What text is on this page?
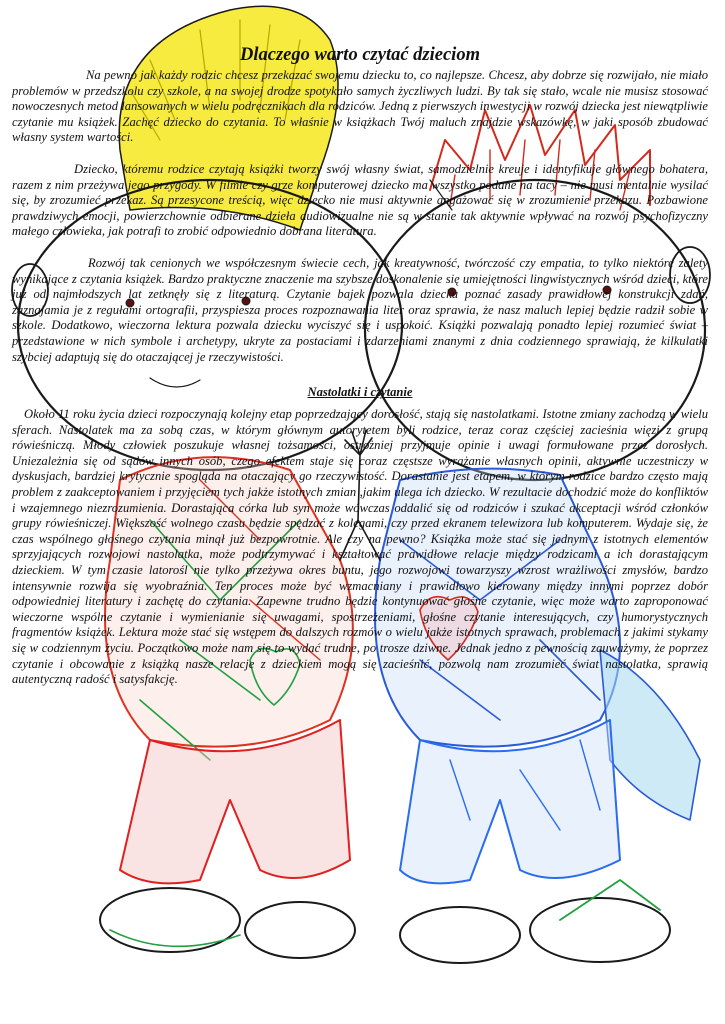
Dlaczego warto czytać dzieciom

Na pewno jak każdy rodzic chcesz przekazać swojemu dziecku to, co najlepsze. Chcesz, aby dobrze się rozwijało, nie miało problemów w przedszkolu czy szkole, a na swojej drodze spotykało samych życzliwych ludzi. By tak się stało, wcale nie musisz stosować nowoczesnych metod lansowanych w wielu podręcznikach dla rodziców. Jedną z pierwszych inwestycji w rozwój dziecka jest niewątpliwie czytanie mu książek. Zachęć dziecko do czytania. To właśnie w książkach Twój maluch znajdzie wskazówkę, w jaki sposób zbudować własny system wartości.

Dziecko, któremu rodzice czytają książki tworzy swój własny świat, samodzielnie kreuje i identyfikuje głównego bohatera, razem z nim przeżywa jego przygody. W filmie czy grze komputerowej dziecko ma wszystko podane na tacy – nie musi mentalnie wysilać się, by zrozumieć przekaz. Są przesycone treścią, więc dziecko nie musi aktywnie angażować się w zrozumienie przekazu. Pozbawione prawdziwych emocji, powierzchownie odbierane dzieła audiowizualne nie są w stanie tak aktywnie wpływać na rozwój psychofizyczny małego człowieka, jak potrafi to zrobić odpowiednio dobrana literatura.

Rozwój tak cenionych we współczesnym świecie cech, jak kreatywność, twórczość czy empatia, to tylko niektóre zalety wynikające z czytania książek. Bardzo praktyczne znaczenie ma szybsze doskonalenie się umiejętności lingwistycznych wśród dzieci, które już od najmłodszych lat zetknęły się z literaturą. Czytanie bajek pozwala dziecku poznać zasady prawidłowej konstrukcji zdań, zaznajamia je z regułami ortografii, przyspiesza proces rozpoznawania liter oraz sprawia, że nasz maluch lepiej będzie radził sobie w szkole. Dodatkowo, wieczorna lektura pozwala dziecku wyciszyć się i uspokoić. Książki pozwalają ponadto lepiej rozumieć świat – przedstawione w nich symbole i archetypy, ukryte za postaciami i zdarzeniami znanymi z dnia codziennego sprawiają, że kilkulatki szybciej adaptują się do otaczającej je rzeczywistości.

Nastolatki i czytanie

Około 11 roku życia dzieci rozpoczynają kolejny etap poprzedzający dorosłość, stają się nastolatkami. Istotne zmiany zachodzą w wielu sferach. Nastolatek ma za sobą czas, w którym głównym autorytetem byli rodzice, teraz coraz częściej zacieśnia więzi z grupą rówieśniczą. Młody człowiek poszukuje własnej tożsamości, ostrożniej przyjmuje opinie i uwagi formułowane przez dorosłych. Uniezależnia się od sądów innych osób, czego efektem staje się coraz częstsze wyrażanie własnych opinii, aktywnie uczestniczy w dyskusjach, bardziej krytycznie spogląda na otaczający go rzeczywistość. Dorastanie jest etapem, w którym rodzice bardzo często mają problem z zaakceptowaniem i przyjęciem tych jakże istotnych zmian ,jakim ulega ich dziecko. W rezultacie dochodzić może do konfliktów i wzajemnego niezrozumienia. Dorastająca córka lub syn może wówczas oddalić się od rodziców i szukać akceptacji wśród członków grupy rówieśniczej. Większość wolnego czasu będzie spędzać z kolegami, czy przed ekranem telewizora lub komputerem. Wydaje się, że czas wspólnego głośnego czytania minął już bezpowrotnie. Ale czy na pewno? Książka może stać się jednym z istotnych elementów sprzyjających rozwojowi nastolatka, może podtrzymywać i kształtować prawidłowe relacje między rodzicami a ich dorastającym dzieckiem. W tym czasie latorośl nie tylko przeżywa okres buntu, jego rozwojowi towarzyszy wzrost wrażliwości zmysłów, bardzo intensywnie rozwija się wyobraźnia. Ten proces może być wzmacniany i prawidłowo kierowany między innymi poprzez dobór odpowiedniej literatury i zachętę do czytania. Zapewne trudno będzie kontynuować głośne czytanie, więc może warto zaproponować wieczorne wspólne czytanie i wymienianie się uwagami, spostrzeżeniami, głośne czytanie interesujących, czy humorystycznych fragmentów książek. Lektura może stać się wstępem do dalszych rozmów o wielu jakże istotnych sprawach, problemach z jakimi stykamy się w codziennym życiu. Początkowo może nam się to wydać trudne, po trosze dziwne. Jednak jedno z pewnością zauważymy, że poprzez czytanie i obcowanie z książką nasze relacje z dzieckiem mogą się zacieśnić, pozwolą nam zrozumieć świat nastolatka, sprawią autentyczną radość i satysfakcję.
